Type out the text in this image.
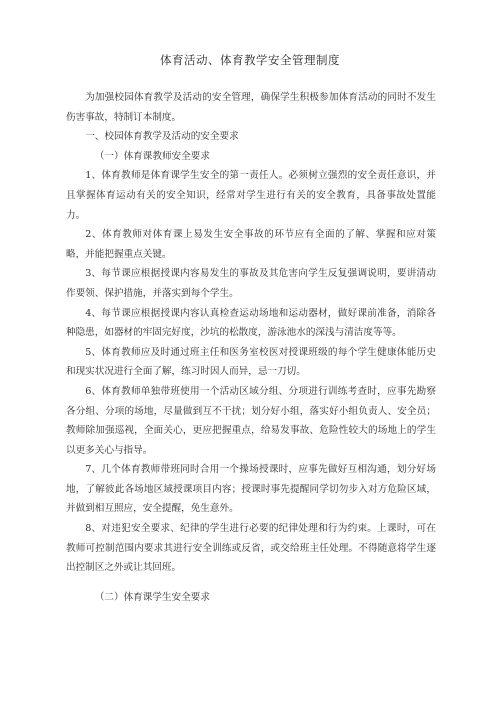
体育活动、体育教学安全管理制度

为加强校园体育教学及活动的安全管理，确保学生积极参加体育活动的同时不发生伤害事故，特制订本制度。

一、校园体育教学及活动的安全要求

（一）体育课教师安全要求

1、体育教师是体育课学生安全的第一责任人。必须树立强烈的安全责任意识，并且掌握体育运动有关的安全知识，经常对学生进行有关的安全教育，具备事故处置能力。

2、体育教师对体育课上易发生安全事故的环节应有全面的了解、掌握和应对策略，并能把握重点关键。

3、每节课应根据授课内容易发生的事故及其危害向学生反复强调说明，要讲清动作要领、保护措施，并落实到每个学生。

4、每节课应根据授课内容认真检查运动场地和运动器材，做好课前准备，消除各种隐患，如器材的牢固完好度，沙坑的松散度，游泳池水的深浅与清洁度等等。

5、体育教师应及时通过班主任和医务室校医对授课班级的每个学生健康体能历史和现实状况进行全面了解，练习时因人而异，忌一刀切。

6、体育教师单独带班使用一个活动区域分组、分项进行训练考查时，应事先勘察各分组、分项的场地，尽量做到互不干扰；划分好小组，落实好小组负责人、安全员；教师除加强巡视，全面关心，更应把握重点，给易发事故、危险性较大的场地上的学生以更多关心与指导。

7、几个体育教师带班同时合用一个操场授课时，应事先做好互相沟通，划分好场地，了解彼此各场地区域授课项目内容；授课时事先提醒同学切勿步入对方危险区域，并做到相互照应，安全提醒，免生意外。

8、对违犯安全要求、纪律的学生进行必要的纪律处理和行为约束。上课时，可在教师可控制范围内要求其进行安全训练或反省，或交给班主任处理。不得随意将学生逐出控制区之外或让其回班。

（二）体育课学生安全要求
